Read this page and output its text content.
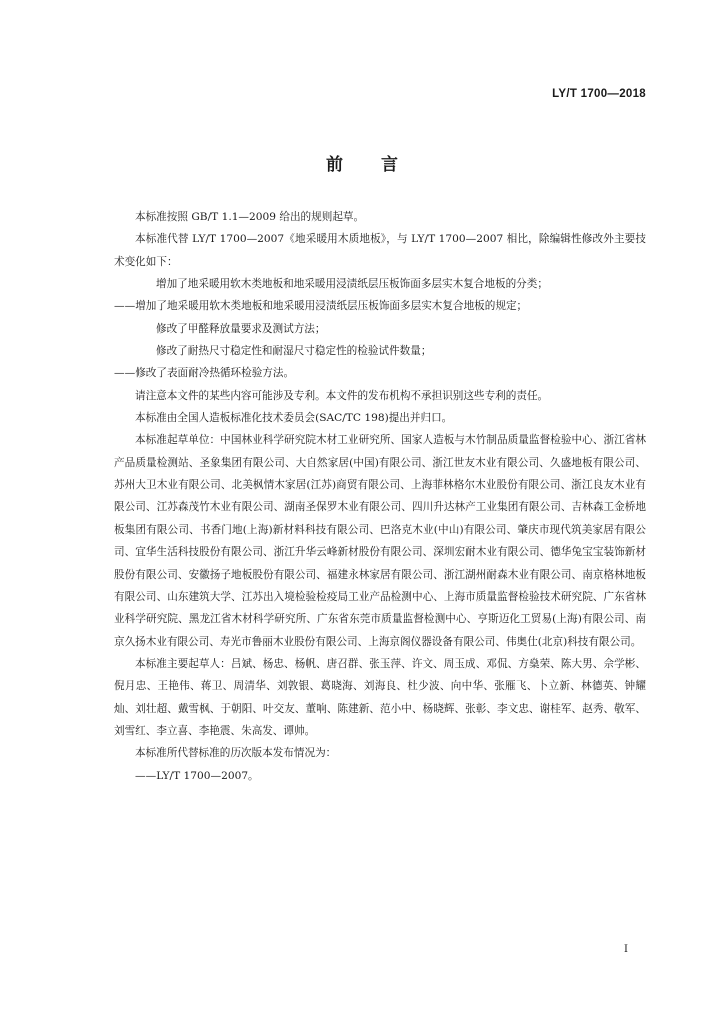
LY/T 1700—2018
前言

本标准按照 GB/T 1.1—2009 给出的规则起草。

本标准代替 LY/T 1700—2007《地采暖用木质地板》，与 LY/T 1700—2007 相比，除编辑性修改外主要技术变化如下：

增加了地采暖用软木类地板和地采暖用浸渍纸层压板饰面多层实木复合地板的分类；

——增加了地采暖用软木类地板和地采暖用浸渍纸层压板饰面多层实木复合地板的规定；

修改了甲醛释放量要求及测试方法；

修改了耐热尺寸稳定性和耐湿尺寸稳定性的检验试件数量；

——修改了表面耐冷热循环检验方法。

请注意本文件的某些内容可能涉及专利。本文件的发布机构不承担识别这些专利的责任。

本标准由全国人造板标准化技术委员会(SAC/TC 198)提出并归口。

本标准起草单位：中国林业科学研究院木材工业研究所、国家人造板与木竹制品质量监督检验中心、浙江省林产品质量检测站、圣象集团有限公司、大自然家居(中国)有限公司、浙江世友木业有限公司、久盛地板有限公司、苏州大卫木业有限公司、北美枫情木家居(江苏)商贸有限公司、上海菲林格尔木业股份有限公司、浙江良友木业有限公司、江苏森茂竹木业有限公司、湖南圣保罗木业有限公司、四川升达林产工业集团有限公司、吉林森工金桥地板集团有限公司、书香门地(上海)新材料科技有限公司、巴洛克木业(中山)有限公司、肇庆市现代筑美家居有限公司、宜华生活科技股份有限公司、浙江升华云峰新材股份有限公司、深圳宏耐木业有限公司、德华兔宝宝装饰新材股份有限公司、安徽扬子地板股份有限公司、福建永林家居有限公司、浙江湖州耐森木业有限公司、南京格林地板有限公司、山东建筑大学、江苏出入境检验检疫局工业产品检测中心、上海市质量监督检验技术研究院、广东省林业科学研究院、黑龙江省木材科学研究所、广东省东莞市质量监督检测中心、亨斯迈化工贸易(上海)有限公司、南京久扬木业有限公司、寿光市鲁丽木业股份有限公司、上海京阁仪器设备有限公司、伟奥仕(北京)科技有限公司。

本标准主要起草人：吕斌、杨忠、杨帆、唐召群、张玉萍、许文、周玉成、邓侃、方燊荣、陈大男、佘学彬、倪月忠、王艳伟、蒋卫、周清华、刘敦银、葛晓海、刘海良、杜少波、向中华、张雁飞、卜立新、林德英、钟耀灿、刘壮超、戴雪枫、于朝阳、叶交友、董响、陈建新、范小中、杨晓辉、张彰、李文忠、谢桂军、赵秀、敬军、刘雪红、李立喜、李艳震、朱高发、谭帅。

本标准所代替标准的历次版本发布情况为：

——LY/T 1700—2007。

I
